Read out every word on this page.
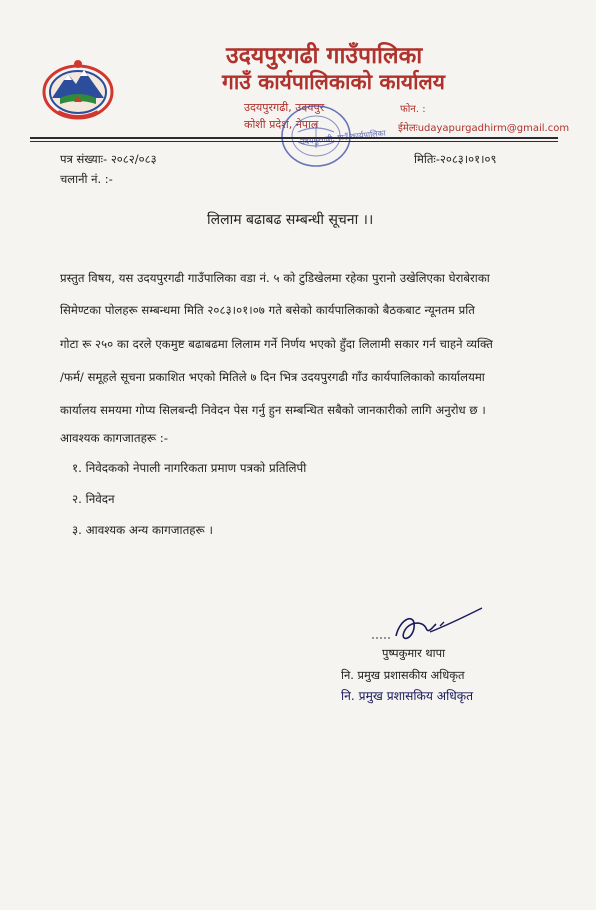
उदयपुरगढी गाउँपालिका
गाउँ कार्यपालिकाको कार्यालय
उदयपुरगढी, उदयपुर
कोशी प्रदेश, नेपाल
फोन. :
ईमेलःudayapurgadhirm@gmail.com
उदयपुरगढी, गाउँ कार्यपालिका
पत्र संख्याः- २०८२/०८३
चलानी नं. :-
मितिः-२०८३।०१।०९
लिलाम बढाबढ सम्बन्धी सूचना ।।
प्रस्तुत विषय, यस उदयपुरगढी गाउँपालिका वडा नं. ५ को टुडिखेलमा रहेका पुरानो उखेलिएका घेराबेराका
सिमेण्टका पोलहरू सम्बन्धमा मिति २०८३।०१।०७ गते बसेको कार्यपालिकाको बैठकबाट न्यूनतम प्रति
गोटा रू २५० का दरले एकमुष्ट बढाबढमा लिलाम गर्ने निर्णय भएको हुँदा लिलामी सकार गर्न चाहने व्यक्ति
/फर्म/ समूहले सूचना प्रकाशित भएको मितिले ७ दिन भित्र उदयपुरगढी गाँउ कार्यपालिकाको कार्यालयमा
कार्यालय समयमा गोप्य सिलबन्दी निवेदन पेस गर्नु हुन सम्बन्धित सबैको जानकारीको लागि अनुरोध छ ।
आवश्यक कागजातहरू :-
१. निवेदकको नेपाली नागरिकता प्रमाण पत्रको प्रतिलिपी
२. निवेदन
३. आवश्यक अन्य कागजातहरू ।
पुष्पकुमार थापा
नि. प्रमुख प्रशासकीय अधिकृत
नि. प्रमुख प्रशासकिय अधिकृत
